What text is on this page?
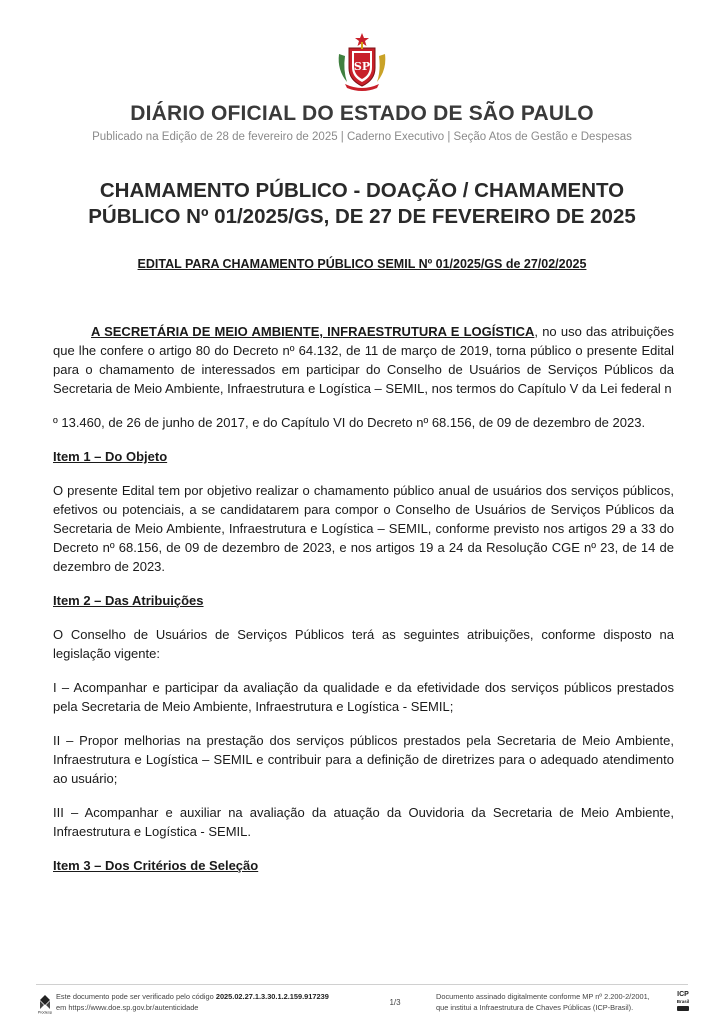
SP
DIÁRIO OFICIAL DO ESTADO DE SÃO PAULO
Publicado na Edição de 28 de fevereiro de 2025 | Caderno Executivo | Seção Atos de Gestão e Despesas
CHAMAMENTO PÚBLICO - DOAÇÃO / CHAMAMENTO
PÚBLICO Nº 01/2025/GS, DE 27 DE FEVEREIRO DE 2025
EDITAL PARA CHAMAMENTO PÚBLICO SEMIL Nº 01/2025/GS de 27/02/2025

A SECRETÁRIA DE MEIO AMBIENTE, INFRAESTRUTURA E LOGÍSTICA, no uso das atribuições que lhe confere o artigo 80 do Decreto nº 64.132, de 11 de março de 2019, torna público o presente Edital para o chamamento de interessados em participar do Conselho de Usuários de Serviços Públicos da Secretaria de Meio Ambiente, Infraestrutura e Logística – SEMIL, nos termos do Capítulo V da Lei federal n

º 13.460, de 26 de junho de 2017, e do Capítulo VI do Decreto nº 68.156, de 09 de dezembro de 2023.

Item 1 – Do Objeto

O presente Edital tem por objetivo realizar o chamamento público anual de usuários dos serviços públicos, efetivos ou potenciais, a se candidatarem para compor o Conselho de Usuários de Serviços Públicos da Secretaria de Meio Ambiente, Infraestrutura e Logística – SEMIL, conforme previsto nos artigos 29 a 33 do Decreto nº 68.156, de 09 de dezembro de 2023, e nos artigos 19 a 24 da Resolução CGE nº 23, de 14 de dezembro de 2023.

Item 2 – Das Atribuições

O Conselho de Usuários de Serviços Públicos terá as seguintes atribuições, conforme disposto na legislação vigente:

I – Acompanhar e participar da avaliação da qualidade e da efetividade dos serviços públicos prestados pela Secretaria de Meio Ambiente, Infraestrutura e Logística - SEMIL;

II – Propor melhorias na prestação dos serviços públicos prestados pela Secretaria de Meio Ambiente, Infraestrutura e Logística – SEMIL e contribuir para a definição de diretrizes para o adequado atendimento ao usuário;

III – Acompanhar e auxiliar na avaliação da atuação da Ouvidoria da Secretaria de Meio Ambiente, Infraestrutura e Logística - SEMIL.

Item 3 – Dos Critérios de Seleção
Prodesp
Este documento pode ser verificado pelo código 2025.02.27.1.3.30.1.2.159.917239
em https://www.doe.sp.gov.br/autenticidade
1/3
Documento assinado digitalmente conforme MP nº 2.200-2/2001,
que institui a Infraestrutura de Chaves Públicas (ICP-Brasil).
ICP
Brasil
